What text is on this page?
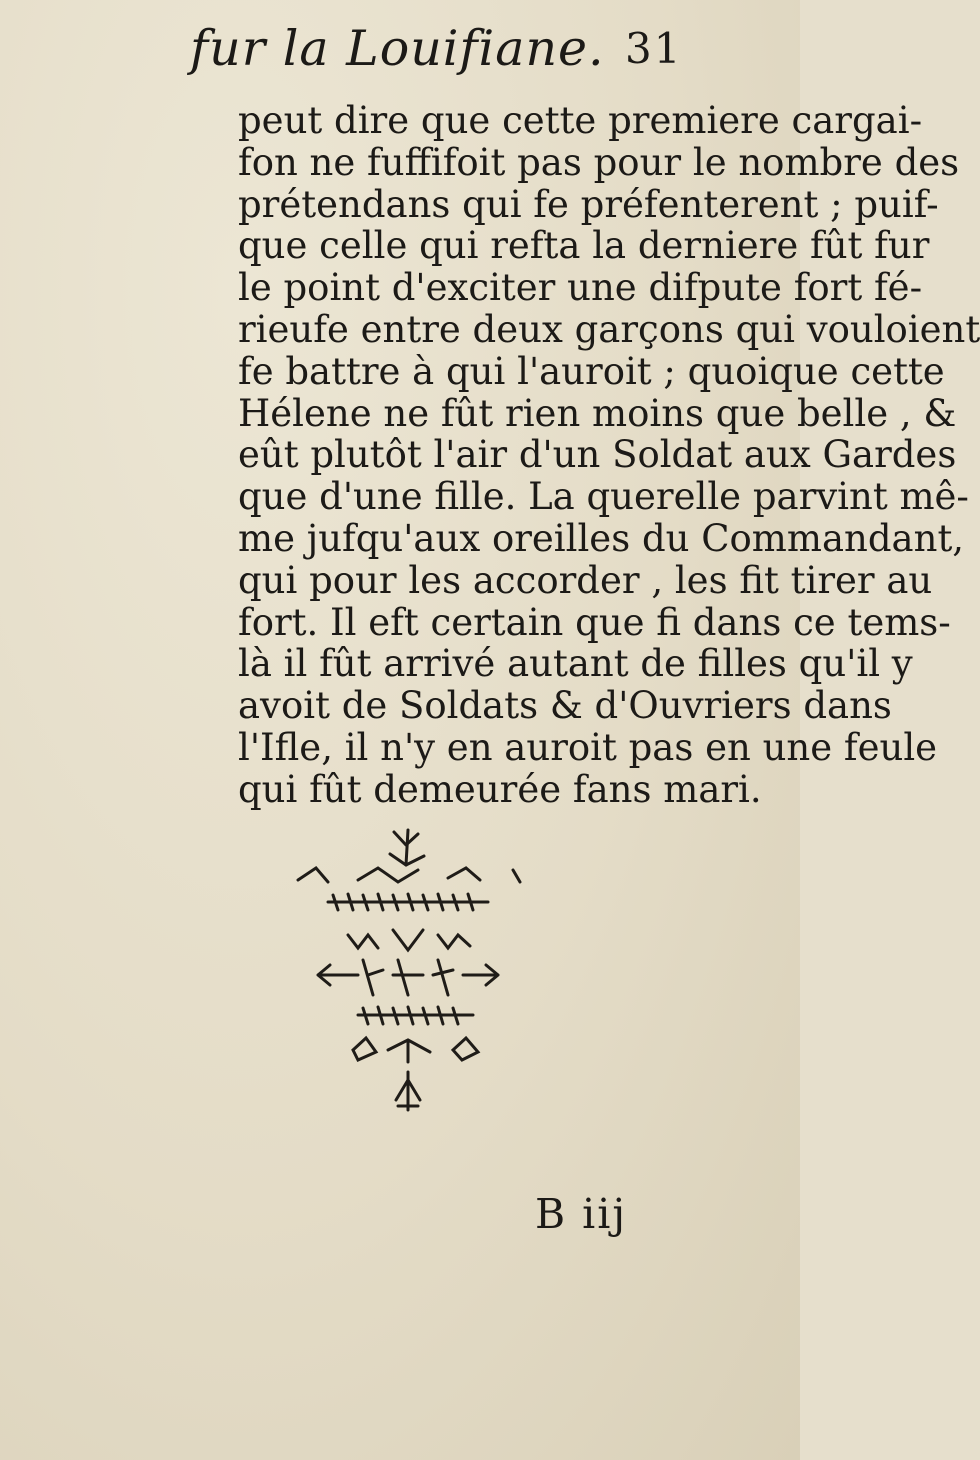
fur la Louifiane. 31
peut dire que cette premiere cargai-
fon ne fuffifoit pas pour le nombre des
prétendans qui fe préfenterent ; puif-
que celle qui refta la derniere fût fur
le point d'exciter une difpute fort fé-
rieufe entre deux garçons qui vouloient
fe battre à qui l'auroit ; quoique cette
Hélene ne fût rien moins que belle , &
eût plutôt l'air d'un Soldat aux Gardes
que d'une fille. La querelle parvint mê-
me jufqu'aux oreilles du Commandant,
qui pour les accorder , les fit tirer au
fort. Il eft certain que fi dans ce tems-
là il fût arrivé autant de filles qu'il y
avoit de Soldats & d'Ouvriers dans
l'Ifle, il n'y en auroit pas en une feule
qui fût demeurée fans mari.
B iij
